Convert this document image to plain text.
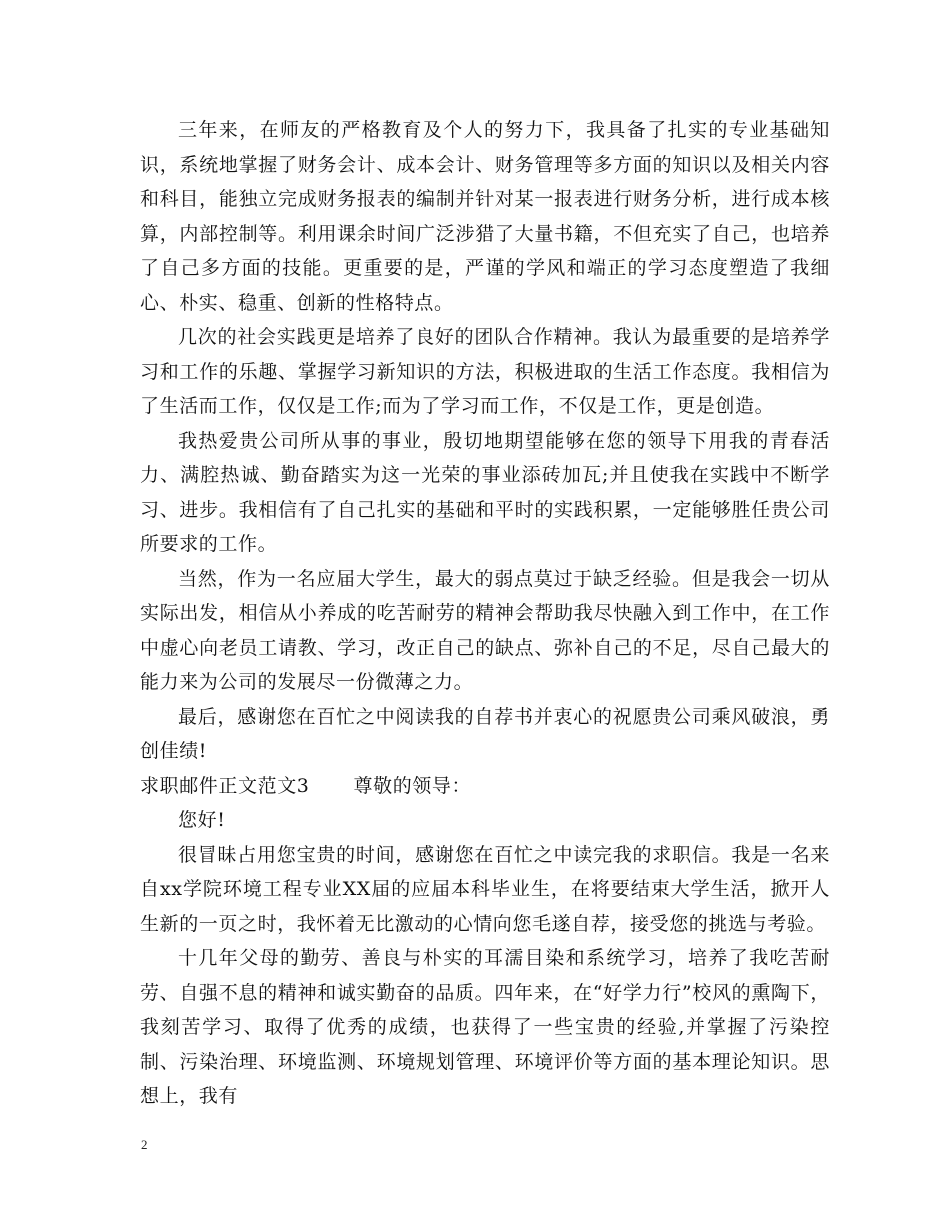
三年来，在师友的严格教育及个人的努力下，我具备了扎实的专业基础知识，系统地掌握了财务会计、成本会计、财务管理等多方面的知识以及相关内容和科目，能独立完成财务报表的编制并针对某一报表进行财务分析，进行成本核算，内部控制等。利用课余时间广泛涉猎了大量书籍，不但充实了自己，也培养了自己多方面的技能。更重要的是，严谨的学风和端正的学习态度塑造了我细心、朴实、稳重、创新的性格特点。

几次的社会实践更是培养了良好的团队合作精神。我认为最重要的是培养学习和工作的乐趣、掌握学习新知识的方法，积极进取的生活工作态度。我相信为了生活而工作，仅仅是工作;而为了学习而工作，不仅是工作，更是创造。

我热爱贵公司所从事的事业，殷切地期望能够在您的领导下用我的青春活力、满腔热诚、勤奋踏实为这一光荣的事业添砖加瓦;并且使我在实践中不断学习、进步。我相信有了自己扎实的基础和平时的实践积累，一定能够胜任贵公司所要求的工作。

当然，作为一名应届大学生，最大的弱点莫过于缺乏经验。但是我会一切从实际出发，相信从小养成的吃苦耐劳的精神会帮助我尽快融入到工作中，在工作中虚心向老员工请教、学习，改正自己的缺点、弥补自己的不足，尽自己最大的能力来为公司的发展尽一份微薄之力。

最后，感谢您在百忙之中阅读我的自荐书并衷心的祝愿贵公司乘风破浪，勇创佳绩!

求职邮件正文范文3 尊敬的领导：

您好!

很冒昧占用您宝贵的时间，感谢您在百忙之中读完我的求职信。我是一名来自xx学院环境工程专业XX届的应届本科毕业生，在将要结束大学生活，掀开人生新的一页之时，我怀着无比激动的心情向您毛遂自荐，接受您的挑选与考验。

十几年父母的勤劳、善良与朴实的耳濡目染和系统学习，培养了我吃苦耐劳、自强不息的精神和诚实勤奋的品质。四年来，在“好学力行”校风的熏陶下，我刻苦学习、取得了优秀的成绩，也获得了一些宝贵的经验,并掌握了污染控制、污染治理、环境监测、环境规划管理、环境评价等方面的基本理论知识。思想上，我有

2
